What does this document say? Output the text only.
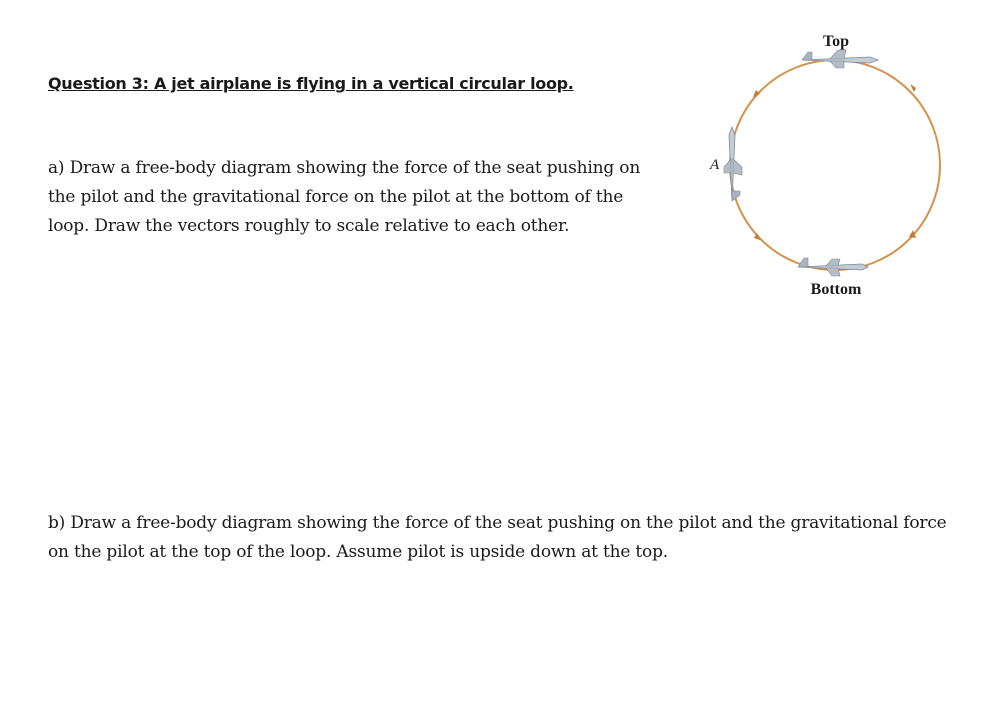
Question 3: A jet airplane is flying in a vertical circular loop.
a) Draw a free-body diagram showing the force of the seat pushing on the pilot and the gravitational force on the pilot at the bottom of the loop. Draw the vectors roughly to scale relative to each other.
b) Draw a free-body diagram showing the force of the seat pushing on the pilot and the gravitational force on the pilot at the top of the loop. Assume pilot is upside down at the top.
Top
Bottom
A
